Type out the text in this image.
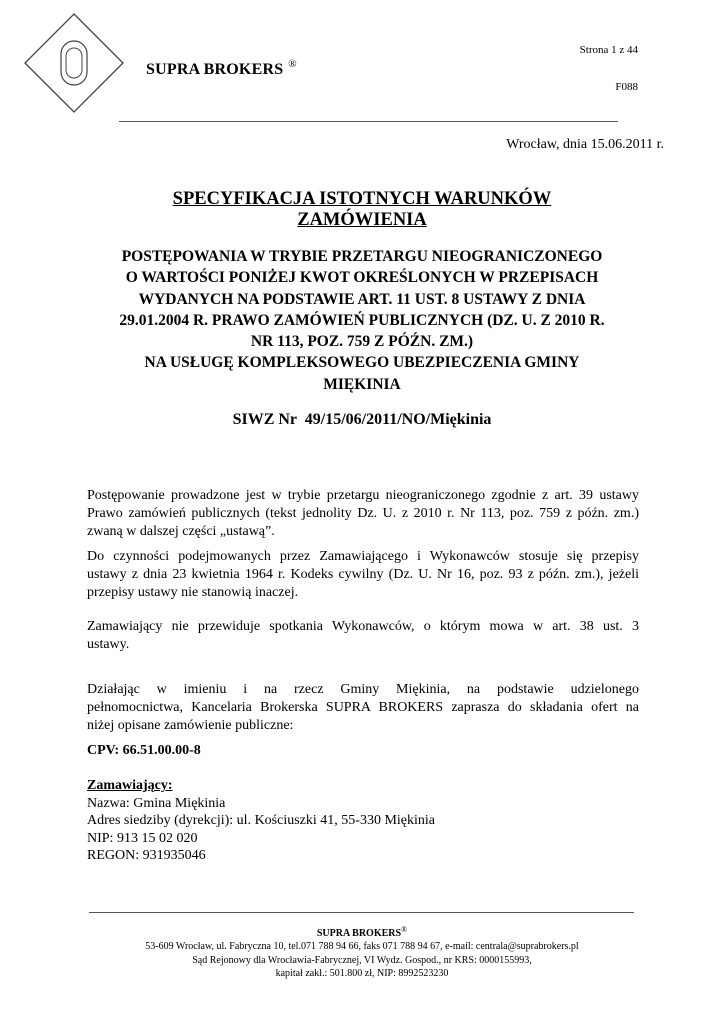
SUPRA BROKERS ®
Strona 1 z 44
F088
Wrocław, dnia 15.06.2011 r.
SPECYFIKACJA ISTOTNYCH WARUNKÓW
ZAMÓWIENIA
POSTĘPOWANIA W TRYBIE PRZETARGU NIEOGRANICZONEGO
O WARTOŚCI PONIŻEJ KWOT OKREŚLONYCH W PRZEPISACH
WYDANYCH NA PODSTAWIE ART. 11 UST. 8 USTAWY Z DNIA
29.01.2004 R. PRAWO ZAMÓWIEŃ PUBLICZNYCH (DZ. U. Z 2010 R.
NR 113, POZ. 759 Z PÓŹN. ZM.)
NA USŁUGĘ KOMPLEKSOWEGO UBEZPIECZENIA GMINY
MIĘKINIA
SIWZ Nr  49/15/06/2011/NO/Miękinia
Postępowanie prowadzone jest w trybie przetargu nieograniczonego zgodnie z art. 39 ustawy
Prawo zamówień publicznych (tekst jednolity Dz. U. z 2010 r. Nr 113, poz. 759 z późn. zm.)
zwaną w dalszej części „ustawą”.
Do czynności podejmowanych przez Zamawiającego i Wykonawców stosuje się przepisy
ustawy z dnia 23 kwietnia 1964 r. Kodeks cywilny (Dz. U. Nr 16, poz. 93 z późn. zm.), jeżeli
przepisy ustawy nie stanowią inaczej.
Zamawiający nie przewiduje spotkania Wykonawców, o którym mowa w art. 38 ust. 3
ustawy.
Działając w imieniu i na rzecz Gminy Miękinia, na podstawie udzielonego
pełnomocnictwa, Kancelaria Brokerska SUPRA BROKERS zaprasza do składania ofert na
niżej opisane zamówienie publiczne:
CPV: 66.51.00.00-8
Zamawiający:
Nazwa: Gmina Miękinia
Adres siedziby (dyrekcji): ul. Kościuszki 41, 55-330 Miękinia
NIP: 913 15 02 020
REGON: 931935046
SUPRA BROKERS®
53-609 Wrocław, ul. Fabryczna 10, tel.071 788 94 66, faks 071 788 94 67, e-mail: centrala@suprabrokers.pl
Sąd Rejonowy dla Wrocławia-Fabrycznej, VI Wydz. Gospod., nr KRS: 0000155993,
kapitał zakł.: 501.800 zł, NIP: 8992523230
